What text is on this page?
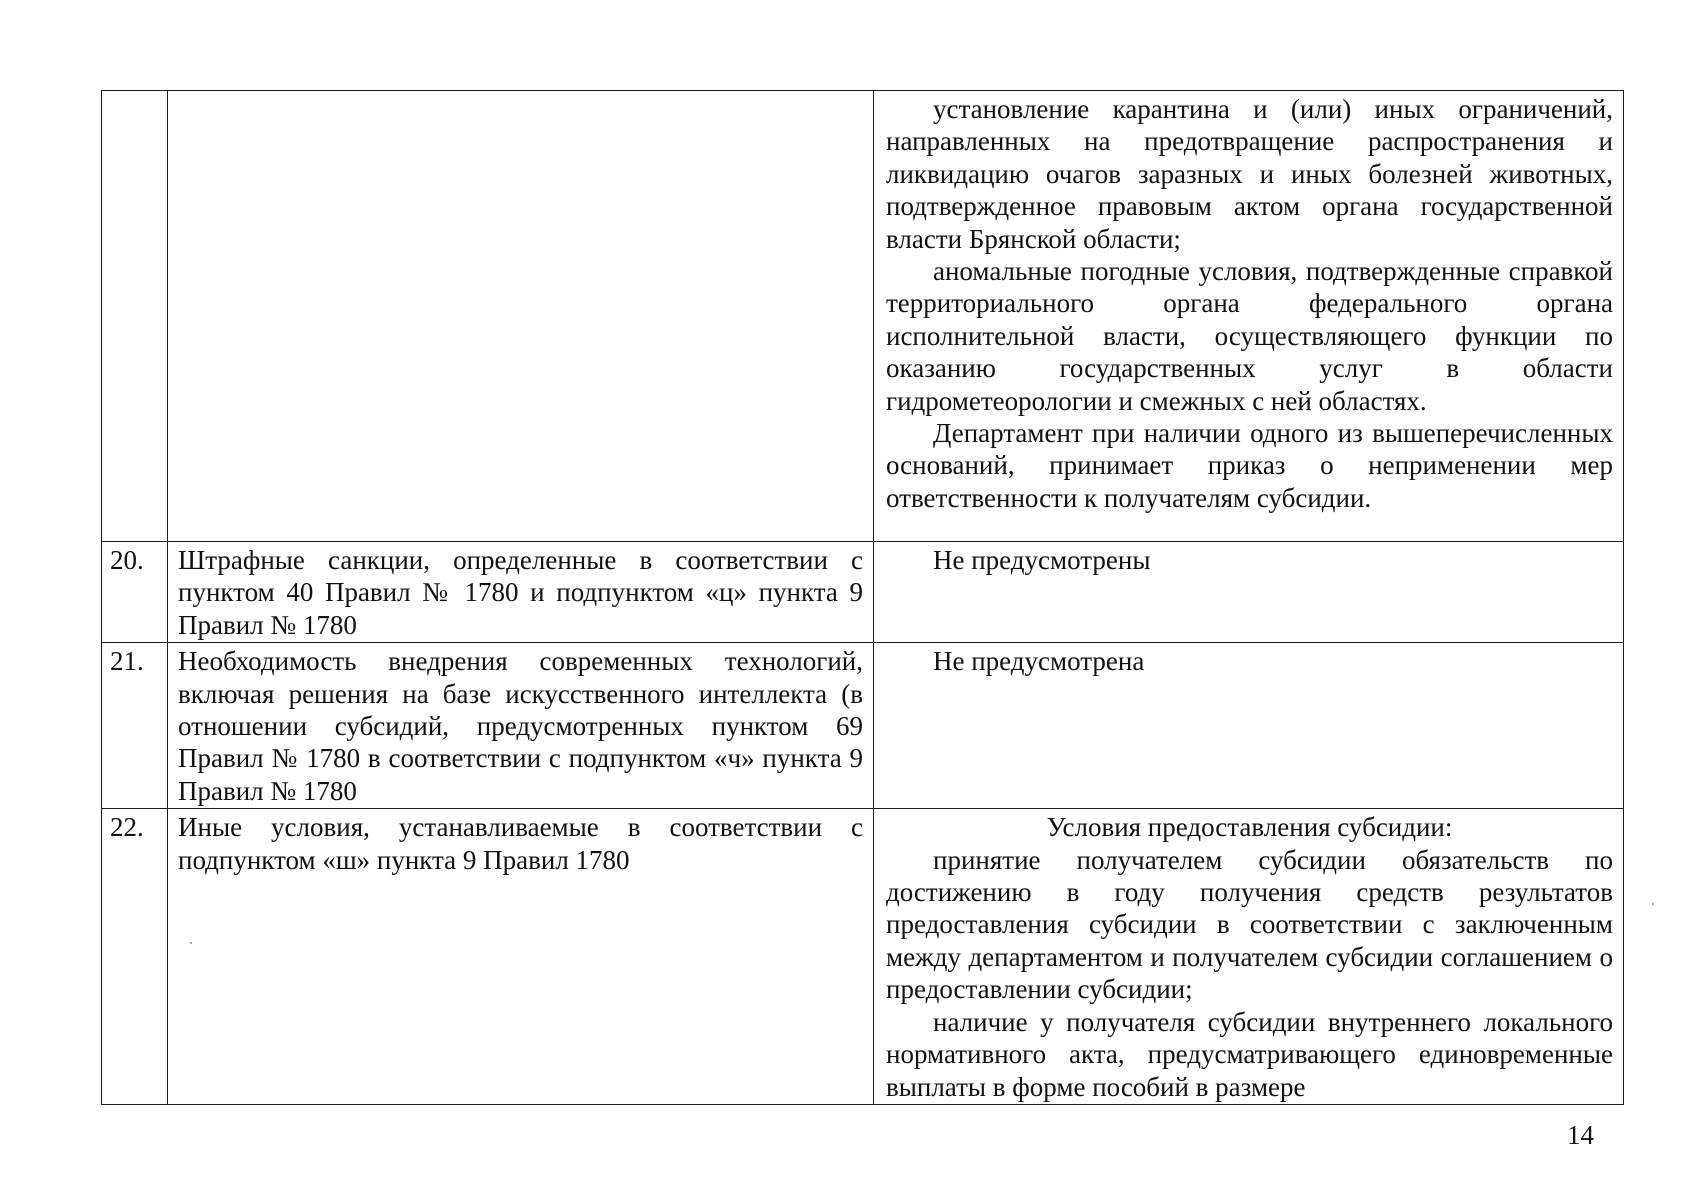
		установление карантина и (или) иных ограничений, направленных на предотвращение распространения и ликвидацию очагов заразных и иных болезней животных, подтвержденное правовым актом органа государственной власти Брянской области;

аномальные погодные условия, подтвержденные справкой территориального органа федерального органа исполнительной власти, осуществляющего функции по оказанию государственных услуг в области гидрометеорологии и смежных с ней областях.

Департамент при наличии одного из вышеперечисленных оснований, принимает приказ о неприменении мер ответственности к получателям субсидии.

20.	Штрафные санкции, определенные в соответствии с пунктом 40 Правил № 1780 и подпунктом «ц» пункта 9 Правил № 1780	Не предусмотрены

21.	Необходимость внедрения современных технологий, включая решения на базе искусственного интеллекта (в отношении субсидий, предусмотренных пунктом 69 Правил № 1780 в соответствии с подпунктом «ч» пункта 9 Правил № 1780	Не предусмотрена

22.	Иные условия, устанавливаемые в соответствии с подпунктом «ш» пункта 9 Правил 1780	Условия предоставления субсидии:

принятие получателем субсидии обязательств по достижению в году получения средств результатов предоставления субсидии в соответствии с заключенным между департаментом и получателем субсидии соглашением о предоставлении субсидии;

наличие у получателя субсидии внутреннего локального нормативного акта, предусматривающего единовременные выплаты в форме пособий в размере

14
